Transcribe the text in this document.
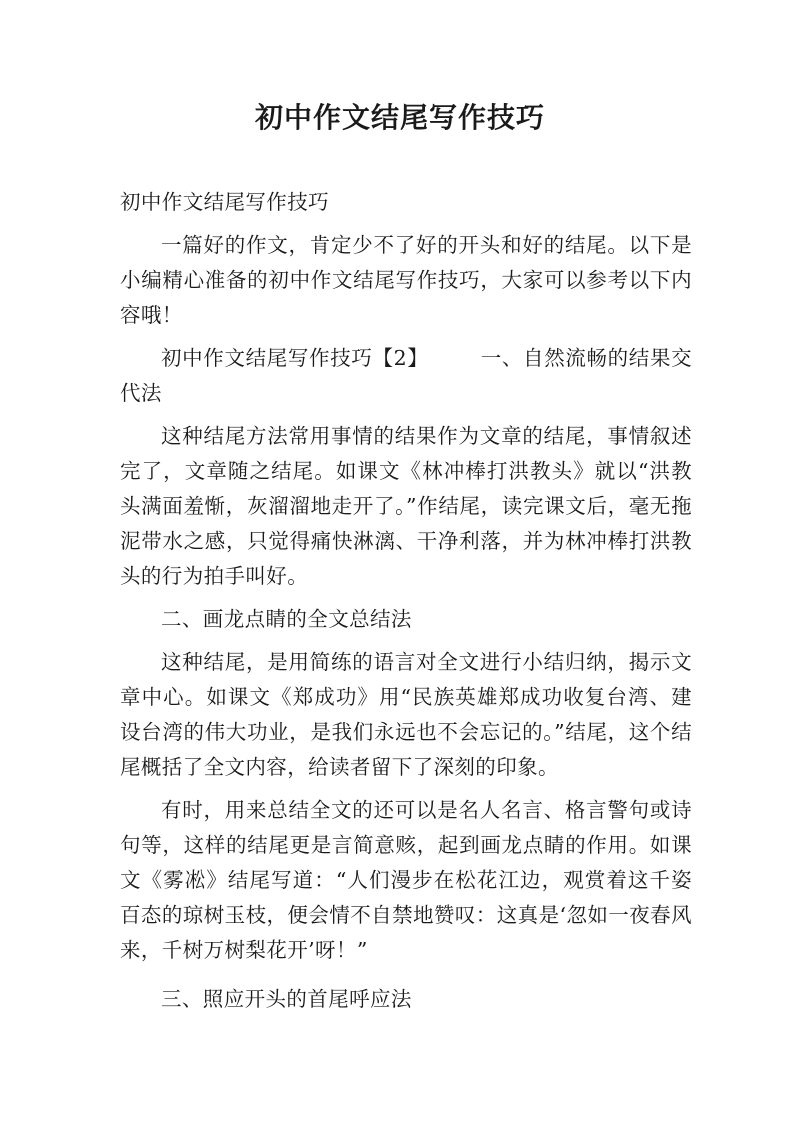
初中作文结尾写作技巧

初中作文结尾写作技巧

一篇好的作文，肯定少不了好的开头和好的结尾。以下是小编精心准备的初中作文结尾写作技巧，大家可以参考以下内容哦！

初中作文结尾写作技巧【2】	一、自然流畅的结果交代法

这种结尾方法常用事情的结果作为文章的结尾，事情叙述完了，文章随之结尾。如课文《林冲棒打洪教头》就以“洪教头满面羞惭，灰溜溜地走开了。”作结尾，读完课文后，毫无拖泥带水之感，只觉得痛快淋漓、干净利落，并为林冲棒打洪教头的行为拍手叫好。

二、画龙点睛的全文总结法

这种结尾，是用简练的语言对全文进行小结归纳，揭示文章中心。如课文《郑成功》用“民族英雄郑成功收复台湾、建设台湾的伟大功业，是我们永远也不会忘记的。”结尾，这个结尾概括了全文内容，给读者留下了深刻的印象。

有时，用来总结全文的还可以是名人名言、格言警句或诗句等，这样的结尾更是言简意赅，起到画龙点睛的作用。如课文《雾凇》结尾写道：“人们漫步在松花江边，观赏着这千姿百态的琼树玉枝，便会情不自禁地赞叹：这真是‘忽如一夜春风来，千树万树梨花开’呀！”

三、照应开头的首尾呼应法
